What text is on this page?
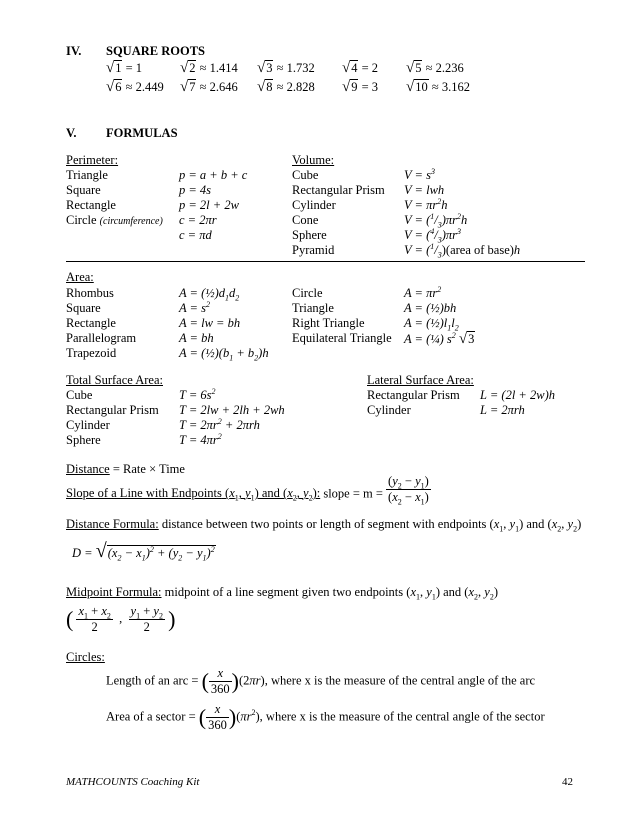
IV. SQUARE ROOTS
√1 = 1	√2 ≈ 1.414 √3 ≈ 1.732 √4 = 2 √5 ≈ 2.236
√6 ≈ 2.449 √7 ≈ 2.646 √8 ≈ 2.828 √9 = 3 √10 ≈ 3.162
V. FORMULAS
Perimeter:
Triangle	p = a + b + c
Square	p = 4s
Rectangle	p = 2l + 2w
Circle (circumference) c = 2πr
c = πd
Volume:
Cube	$V = s^3$
Rectangular Prism V = lwh
Cylinder	$V = \pi r^2h$
Cone	$V = (^1/_3)\pi r^2h$
Sphere	$V = (^4/_3)\pi r^3$
Pyramid	$V = (^1/_3)(area$ of base)h
Area:
Rhombus	$A = (\frac{1}{2})d_1d_2$
Square	$A = s^2$
Rectangle	A = lw = bh
Parallelogram	A = bh
Trapezoid	$A = (\frac{1}{2})(b_1 + b_2)h$
Circle	$A = \pi r^2$
Triangle	A = (½)bh
Right Triangle	$A = (\frac{1}{2})l_1l_2$
Equilateral Triangle A = (¼) $s^2$ √3
Total Surface Area:
Cube	$T = 6s^2$
Rectangular Prism T = 2lw + 2lh + 2wh
Cylinder	$T = 2\pi r^2 + 2\pi rh$
Sphere	$T = 4\pi r^2$
Lateral Surface Area:
Rectangular Prism L = (2l + 2w)h
Cylinder	L = 2πrh
Distance = Rate × Time
Slope of a Line with Endpoints ($x_1$, $y_1$) and ($x_2$, $y_2$): slope = $m = \frac{(y_2 - y_1)}{(x_2 - x_1)}$
Distance Formula: distance between two points or length of segment with endpoints ($x_1$, $y_1$) and ($x_2$, $y_2$)
$D = √(x_2 - x_1)^2 + (y_2 - y_1)^2$
Midpoint Formula: midpoint of a line segment given two endpoints ($x_1$, $y_1$) and ($x_2$, $y_2$)
( $\frac{x_1 + x_2}{2}$ , $\frac{y_1 + y_2}{2}$ )
Circles:
Length of an arc = ( $\frac{x}{360} )(2\pi r)$, where x is the measure of the central angle of the arc
Area of a sector = ( $\frac{x}{360} )(\pi r^2)$, where x is the measure of the central angle of the sector
MATHCOUNTS Coaching Kit	42
